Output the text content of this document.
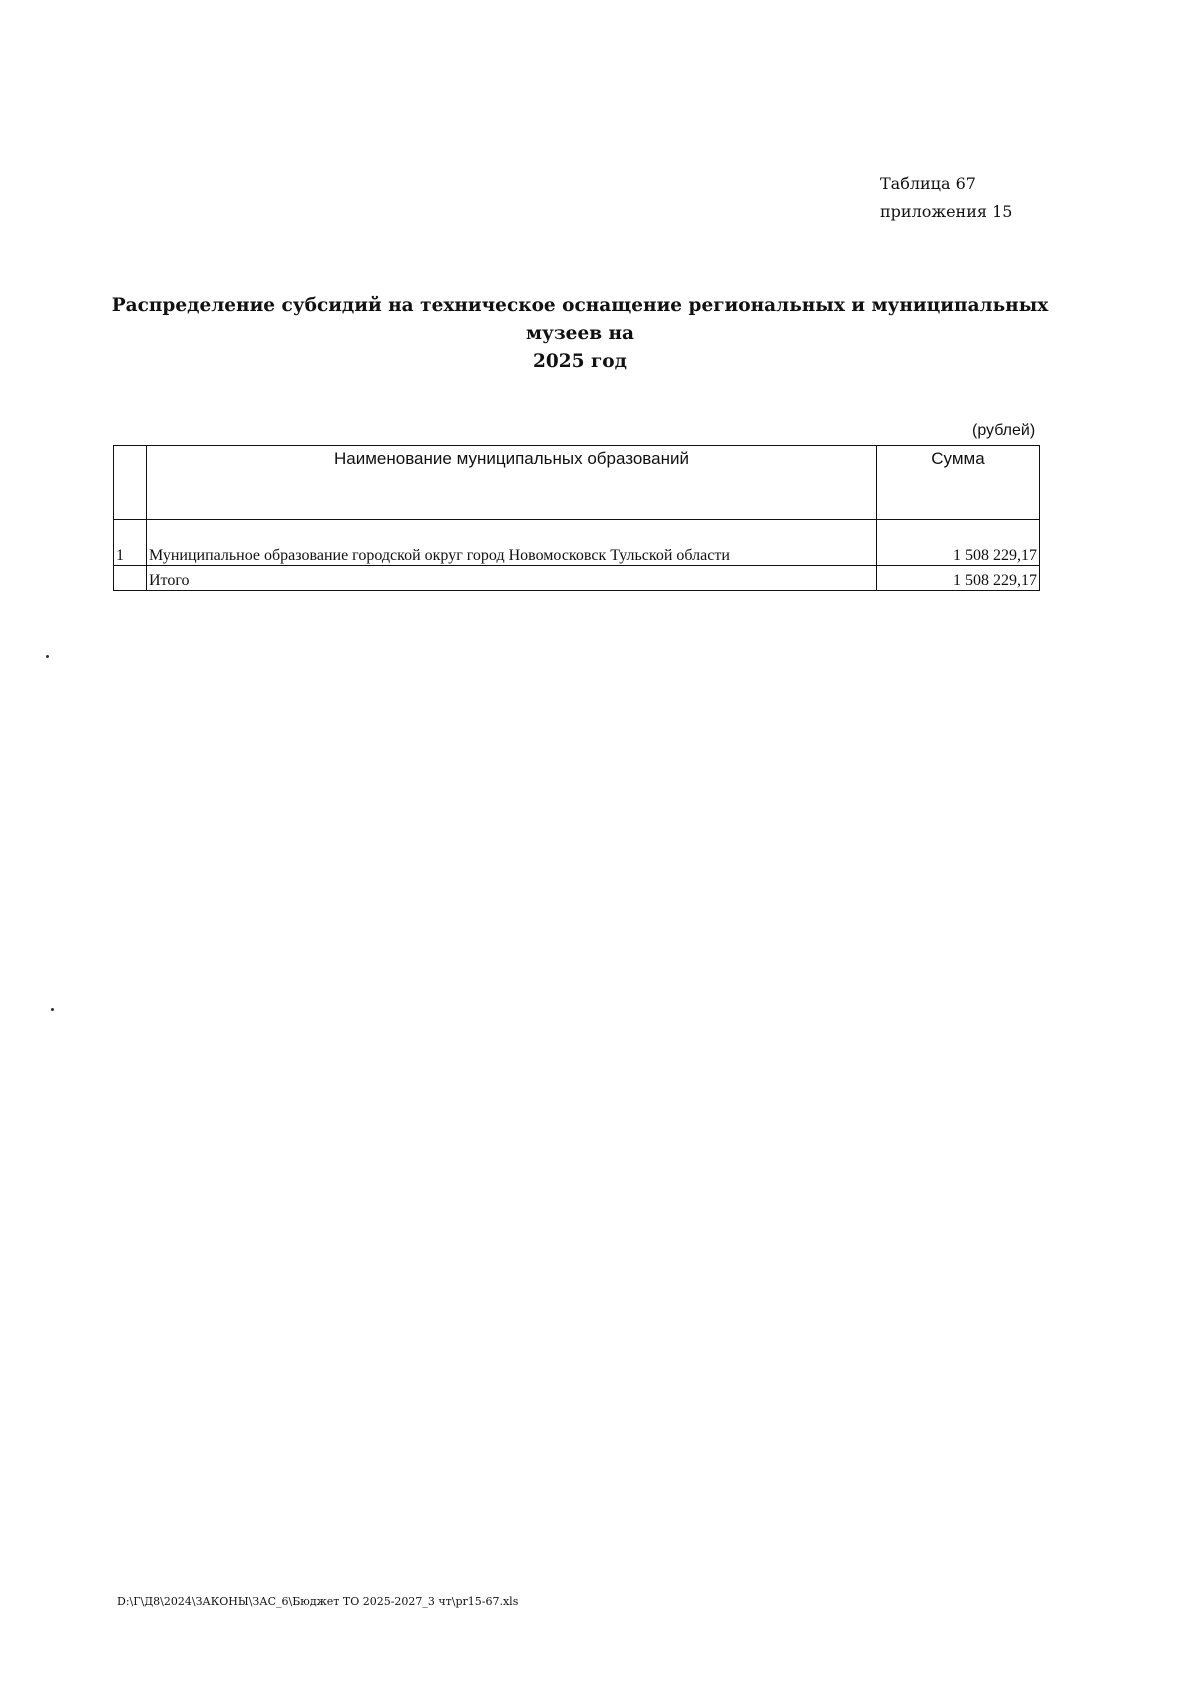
Таблица 67
приложения 15
Распределение субсидий на техническое оснащение региональных и муниципальных музеев на
2025 год
(рублей)
	Наименование муниципальных образований	Сумма
1	Муниципальное образование городской округ город Новомосковск Тульской области	1 508 229,17
	Итого	1 508 229,17
D:\Г\Д8\2024\ЗАКОНЫ\ЗАС_6\Бюджет ТО 2025-2027_3 чт\pr15-67.xls
